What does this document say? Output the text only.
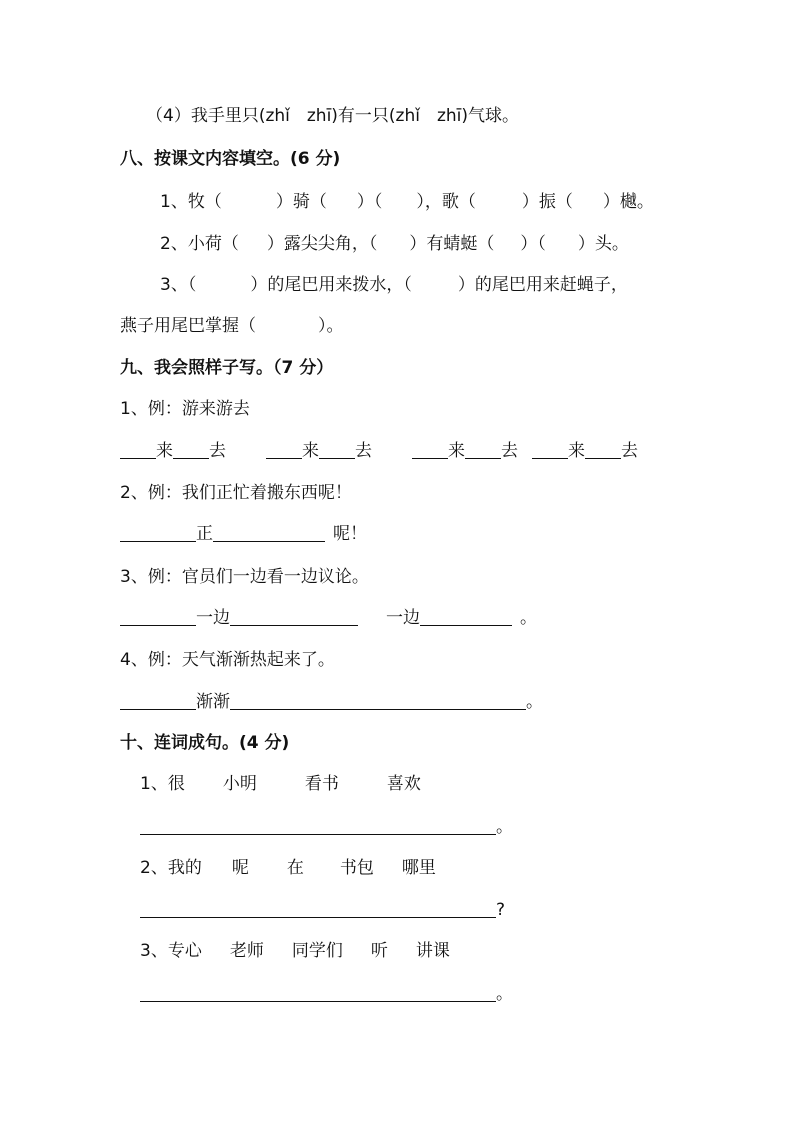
（4）我手里只(zhǐ　zhī)有一只(zhǐ　zhī)气球。
八、按课文内容填空。(6 分)
1、牧（	）骑（ ）（ ），歌（	）振（ ）樾。
2、小荷（ ）露尖尖角，（ ）有蜻蜓（ ）（ ）头。
3、（	）的尾巴用来拨水，（	）的尾巴用来赶蝇子，
燕子用尾巴掌握（	）。
九、我会照样子写。（7 分）
1、例：游来游去
来 去	来 去	来 去	来 去
2、例：我们正忙着搬东西呢！
正	呢！
3、例：官员们一边看一边议论。
一边	一边	。
4、例：天气渐渐热起来了。
渐渐	。
十、连词成句。(4 分)
1、很 小明	看书	喜欢
。
2、我的 呢 在 书包 哪里
?
3、专心 老师 同学们 听 讲课
。
